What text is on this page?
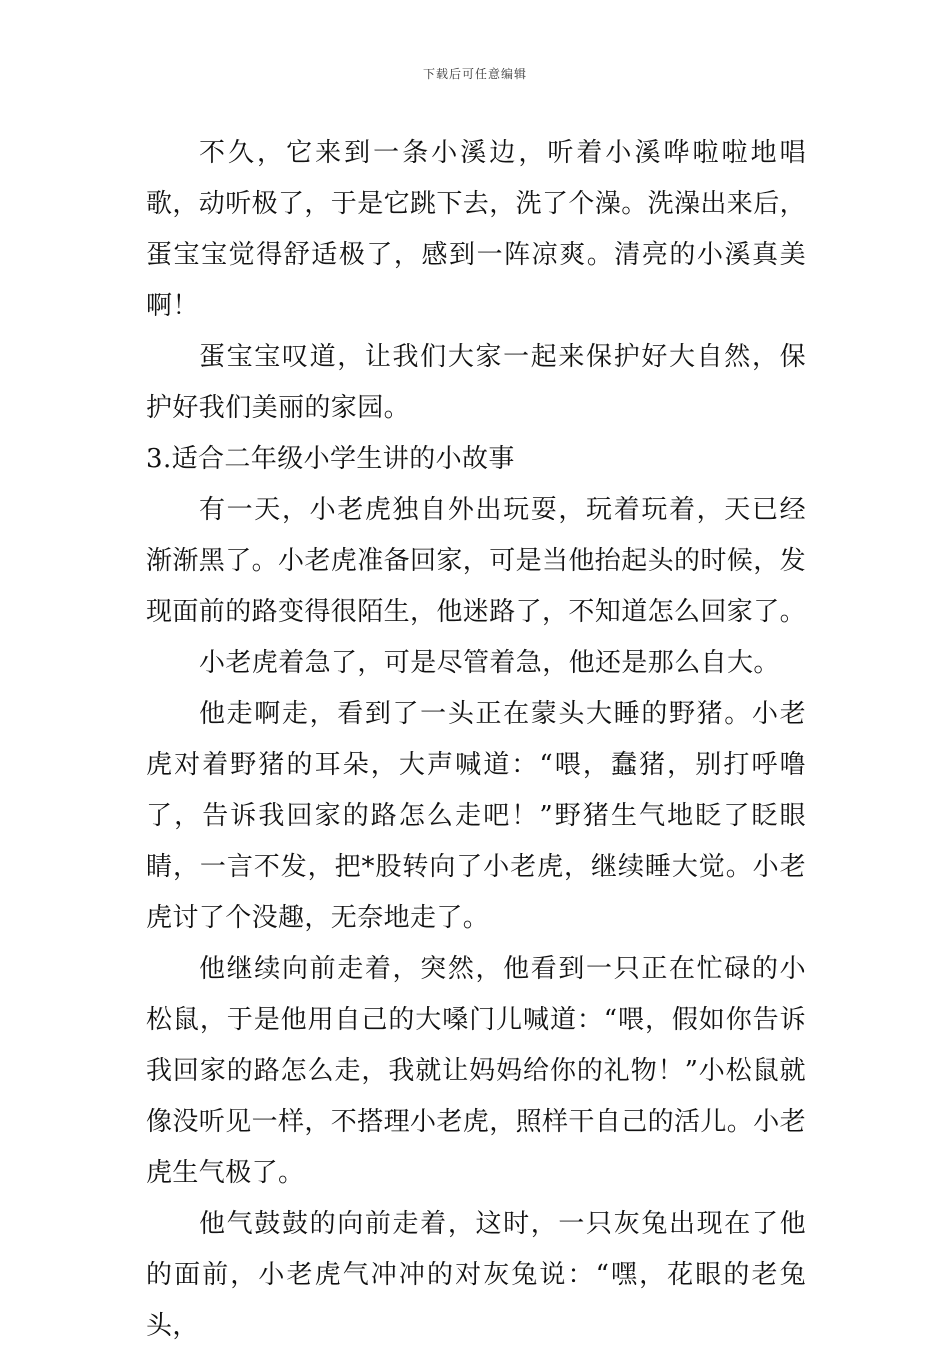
下载后可任意编辑

不久，它来到一条小溪边，听着小溪哗啦啦地唱歌，动听极了，于是它跳下去，洗了个澡。洗澡出来后，蛋宝宝觉得舒适极了，感到一阵凉爽。清亮的小溪真美啊！

蛋宝宝叹道，让我们大家一起来保护好大自然，保护好我们美丽的家园。

3.适合二年级小学生讲的小故事

有一天，小老虎独自外出玩耍，玩着玩着，天已经渐渐黑了。小老虎准备回家，可是当他抬起头的时候，发现面前的路变得很陌生，他迷路了，不知道怎么回家了。

小老虎着急了，可是尽管着急，他还是那么自大。

他走啊走，看到了一头正在蒙头大睡的野猪。小老虎对着野猪的耳朵，大声喊道：“喂，蠢猪，别打呼噜了，告诉我回家的路怎么走吧！”野猪生气地眨了眨眼睛，一言不发，把*股转向了小老虎，继续睡大觉。小老虎讨了个没趣，无奈地走了。

他继续向前走着，突然，他看到一只正在忙碌的小松鼠，于是他用自己的大嗓门儿喊道：“喂，假如你告诉我回家的路怎么走，我就让妈妈给你的礼物！”小松鼠就像没听见一样，不搭理小老虎，照样干自己的活儿。小老虎生气极了。

他气鼓鼓的向前走着，这时，一只灰兔出现在了他的面前，小老虎气冲冲的对灰兔说：“嘿，花眼的老兔头，
